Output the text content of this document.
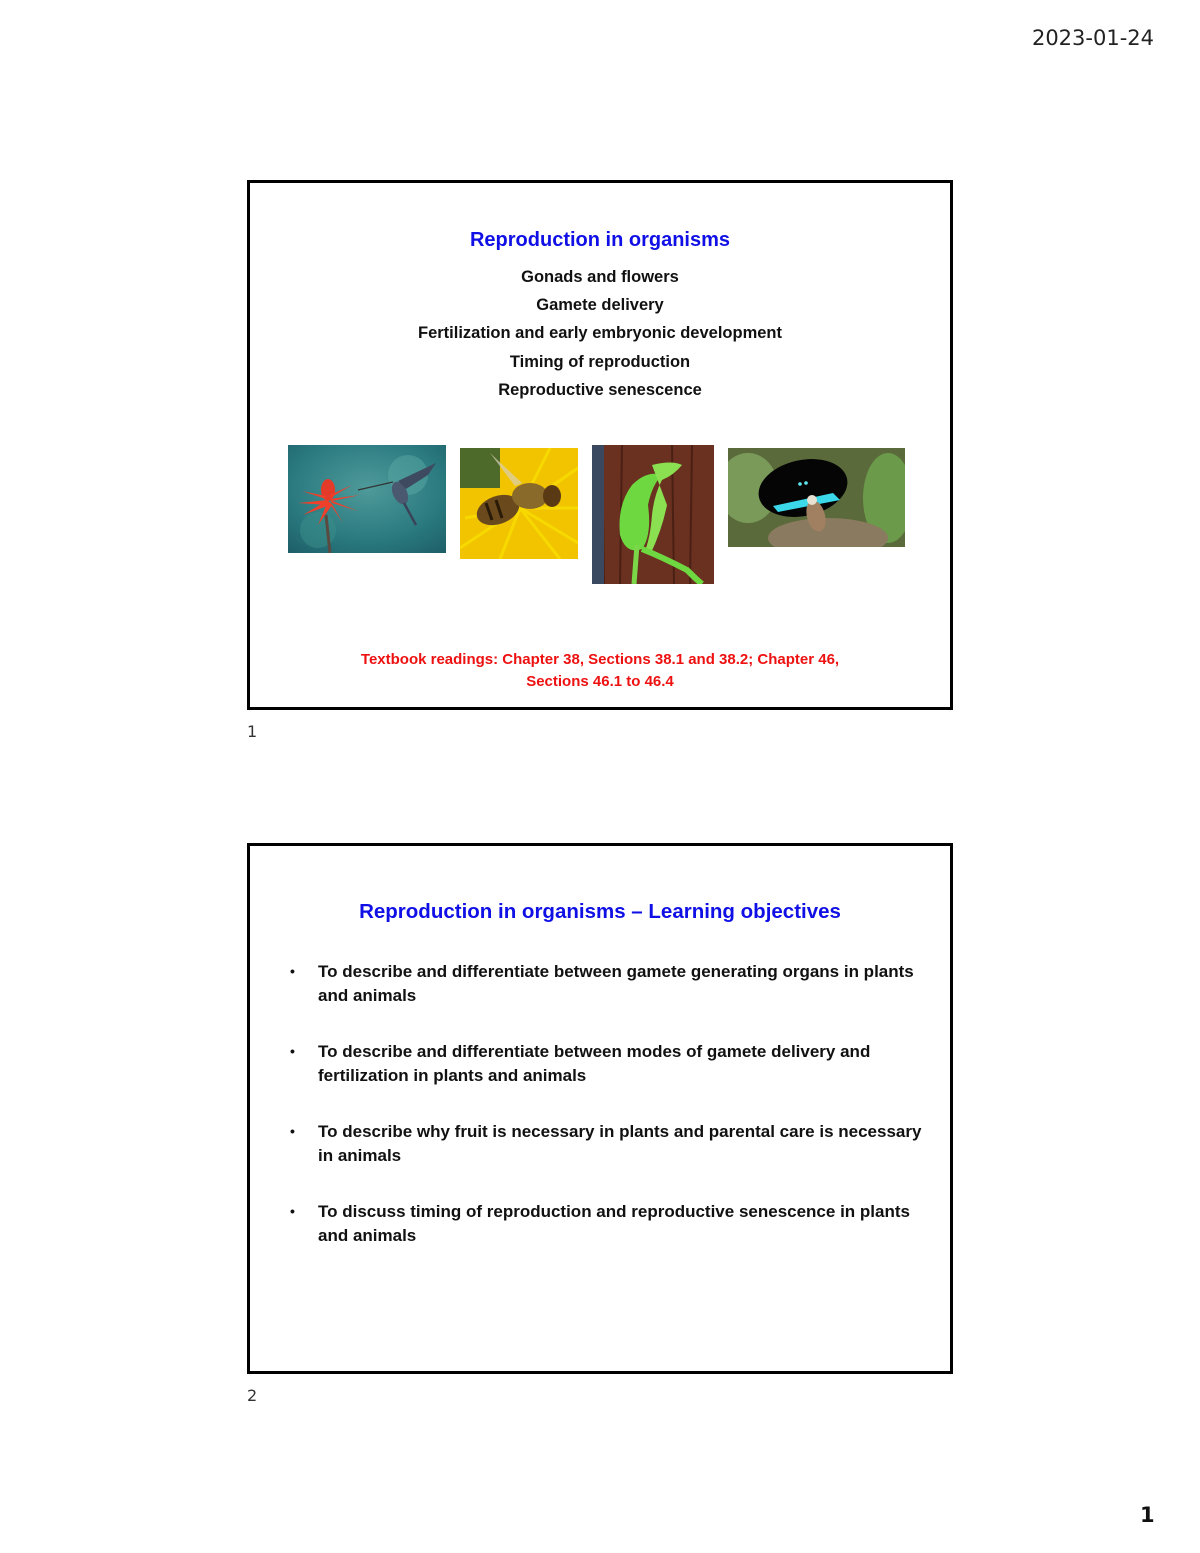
2023-01-24
Reproduction in organisms
Gonads and flowers
Gamete delivery
Fertilization and early embryonic development
Timing of reproduction
Reproductive senescence
Textbook readings: Chapter 38, Sections 38.1 and 38.2; Chapter 46,
Sections 46.1 to 46.4
1
Reproduction in organisms – Learning objectives
•	To describe and differentiate between gamete generating organs in plants and animals
•	To describe and differentiate between modes of gamete delivery and fertilization in plants and animals
•	To describe why fruit is necessary in plants and parental care is necessary in animals
•	To discuss timing of reproduction and reproductive senescence in plants and animals
2
1
